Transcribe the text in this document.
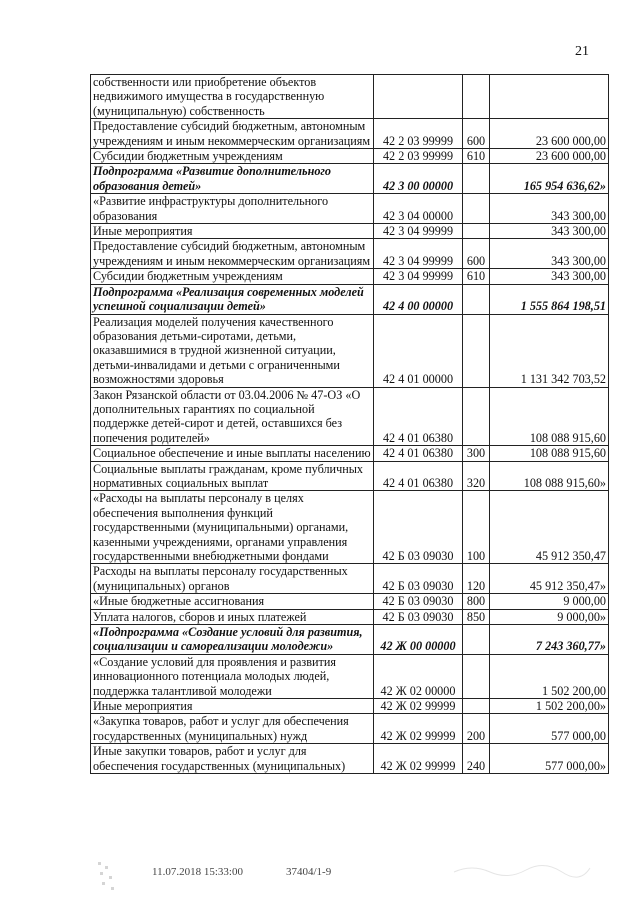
21
собственности или приобретение объектов недвижимого имущества в государственную (муниципальную) собственность			
Предоставление субсидий бюджетным, автономным учреждениям и иным некоммерческим организациям	42 2 03 99999	600	23 600 000,00
Субсидии бюджетным учреждениям	42 2 03 99999	610	23 600 000,00
Подпрограмма «Развитие дополнительного образования детей»	42 3 00 00000		165 954 636,62»
«Развитие инфраструктуры дополнительного образования	42 3 04 00000		343 300,00
Иные мероприятия	42 3 04 99999		343 300,00
Предоставление субсидий бюджетным, автономным учреждениям и иным некоммерческим организациям	42 3 04 99999	600	343 300,00
Субсидии бюджетным учреждениям	42 3 04 99999	610	343 300,00
Подпрограмма «Реализация современных моделей успешной социализации детей»	42 4 00 00000		1 555 864 198,51
Реализация моделей получения качественного образования детьми-сиротами, детьми, оказавшимися в трудной жизненной ситуации, детьми-инвалидами и детьми с ограниченными возможностями здоровья	42 4 01 00000		1 131 342 703,52
Закон Рязанской области от 03.04.2006 № 47-ОЗ «О дополнительных гарантиях по социальной поддержке детей-сирот и детей, оставшихся без попечения родителей»	42 4 01 06380		108 088 915,60
Социальное обеспечение и иные выплаты населению	42 4 01 06380	300	108 088 915,60
Социальные выплаты гражданам, кроме публичных нормативных социальных выплат	42 4 01 06380	320	108 088 915,60»
«Расходы на выплаты персоналу в целях обеспечения выполнения функций государственными (муниципальными) органами, казенными учреждениями, органами управления государственными внебюджетными фондами	42 Б 03 09030	100	45 912 350,47
Расходы на выплаты персоналу государственных (муниципальных) органов	42 Б 03 09030	120	45 912 350,47»
«Иные бюджетные ассигнования	42 Б 03 09030	800	9 000,00
Уплата налогов, сборов и иных платежей	42 Б 03 09030	850	9 000,00»
«Подпрограмма «Создание условий для развития, социализации и самореализации молодежи»	42 Ж 00 00000		7 243 360,77»
«Создание условий для проявления и развития инновационного потенциала молодых людей, поддержка талантливой молодежи	42 Ж 02 00000		1 502 200,00
Иные мероприятия	42 Ж 02 99999		1 502 200,00»
«Закупка товаров, работ и услуг для обеспечения государственных (муниципальных) нужд	42 Ж 02 99999	200	577 000,00
Иные закупки товаров, работ и услуг для обеспечения государственных (муниципальных)	42 Ж 02 99999	240	577 000,00»
11.07.2018 15:33:00	37404/1-9
